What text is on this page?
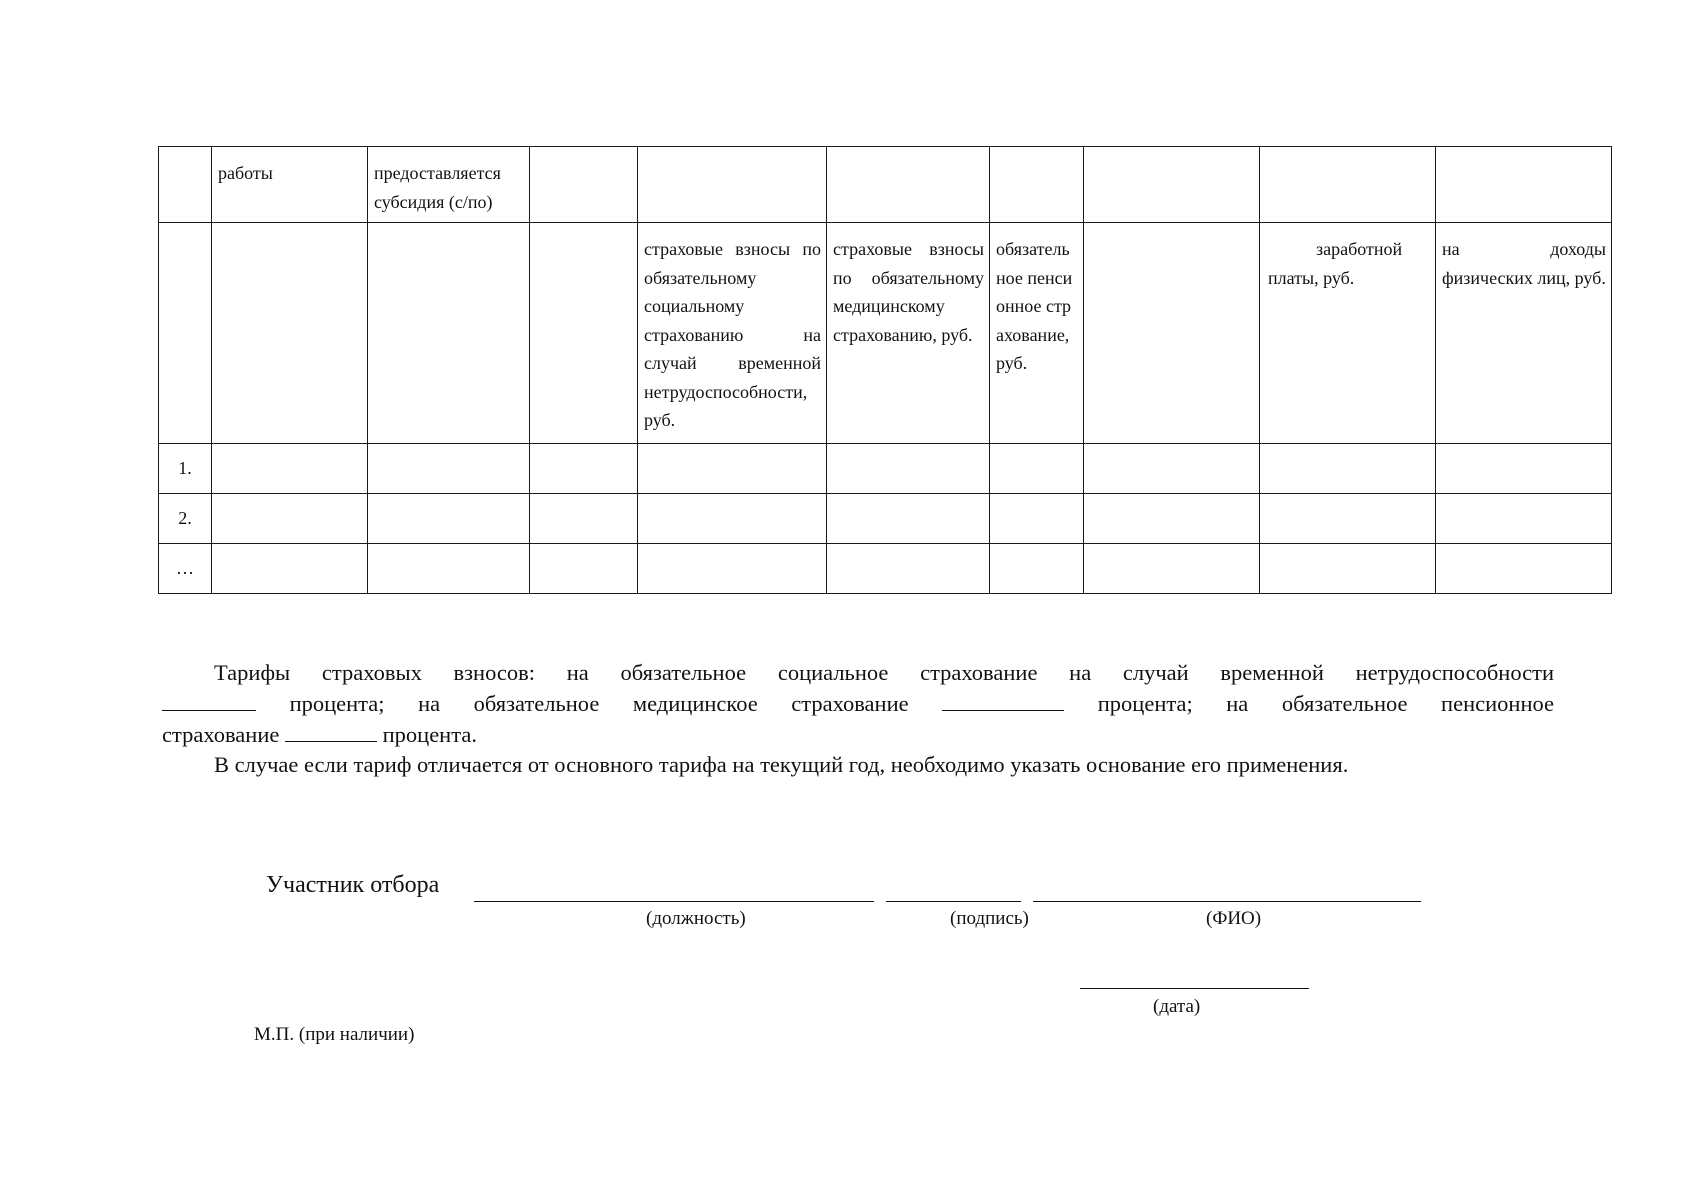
	работы	предоставляется субсидия (с/по)							

				страховые взносы по обязательному социальному страхованию на случай временной нетрудоспособности, руб.	страховые взносы по обязательному медицинскому страхованию, руб.	обязательное пенсионное страхование, руб.		заработной платы, руб.	на доходы физических лиц, руб.

1.									
2.									
…									
Тарифы страховых взносов: на обязательное социальное страхование на случай временной нетрудоспособности
процента; на обязательное медицинское страхование	процента; на обязательное пенсионное
страхование	процента.
В случае если тариф отличается от основного тарифа на текущий год, необходимо указать основание его применения.
Участник отбора
(должность)	(подпись)	(ФИО)
(дата)
М.П. (при наличии)
